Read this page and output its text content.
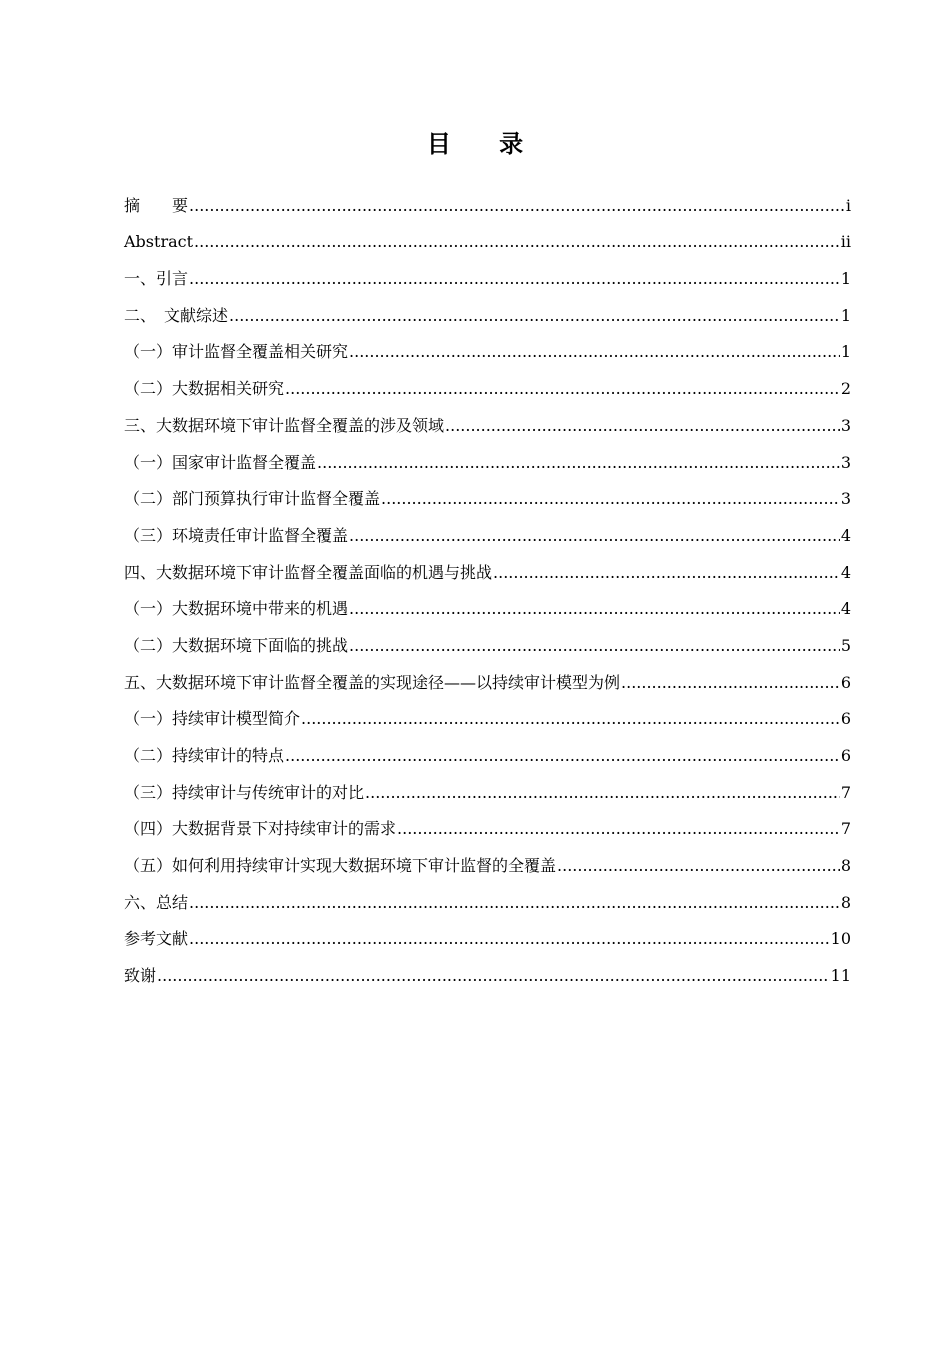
目 录
摘　　要 .....	i
Abstract .....	ii
一、引言 .....	1
二、　文献综述 .....	1
（一）审计监督全覆盖相关研究 .....	1
（二）大数据相关研究 .....	2
三、大数据环境下审计监督全覆盖的涉及领域 .....	3
（一）国家审计监督全覆盖 .....	3
（二）部门预算执行审计监督全覆盖 .....	3
（三）环境责任审计监督全覆盖 .....	4
四、大数据环境下审计监督全覆盖面临的机遇与挑战 .....	4
（一）大数据环境中带来的机遇 .....	4
（二）大数据环境下面临的挑战 .....	5
五、大数据环境下审计监督全覆盖的实现途径——以持续审计模型为例 .....	6
（一）持续审计模型简介 .....	6
（二）持续审计的特点 .....	6
（三）持续审计与传统审计的对比 .....	7
（四）大数据背景下对持续审计的需求 .....	7
（五）如何利用持续审计实现大数据环境下审计监督的全覆盖 .....	8
六、总结 .....	8
参考文献 .....	10
致谢 .....	11
